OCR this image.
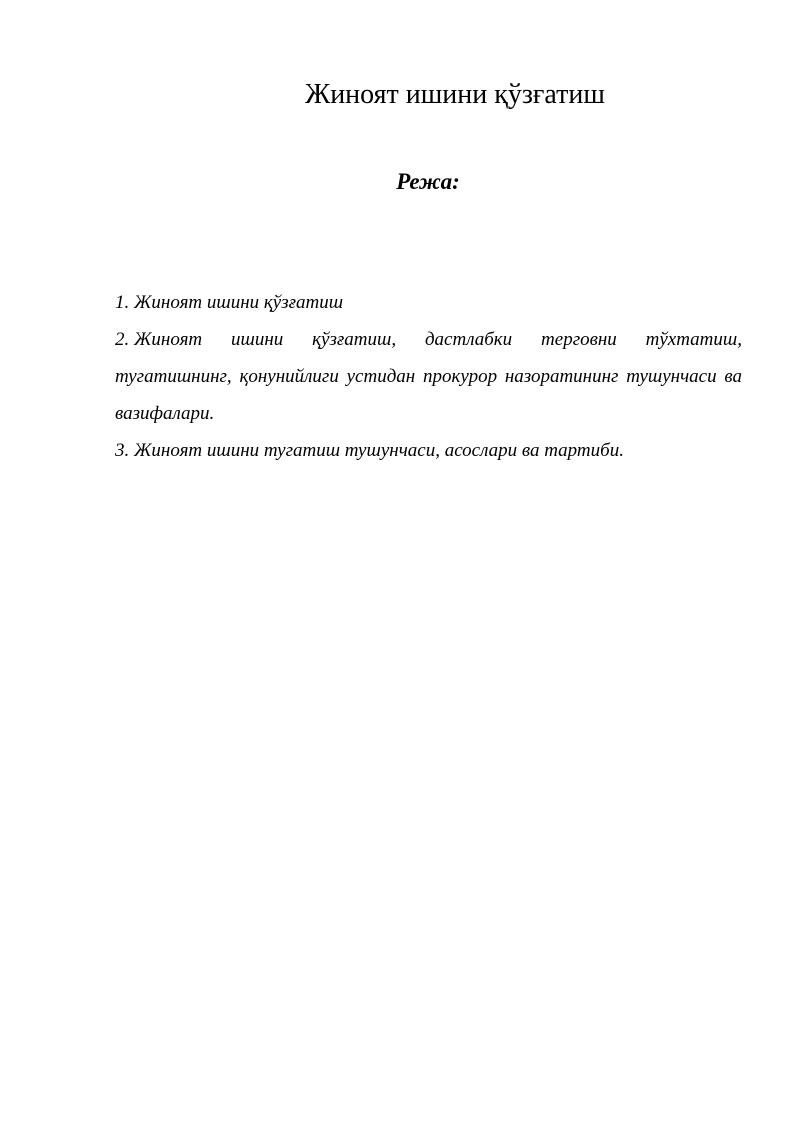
Жиноят ишини қўзғатиш
Режа:
1. Жиноят ишини қўзғатиш
2. Жиноят ишини қўзғатиш, дастлабки терговни тўхтатиш, тугатишнинг, қонунийлиги устидан прокурор назоратининг тушунчаси ва вазифалари.
3. Жиноят ишини тугатиш тушунчаси, асослари ва тартиби.
